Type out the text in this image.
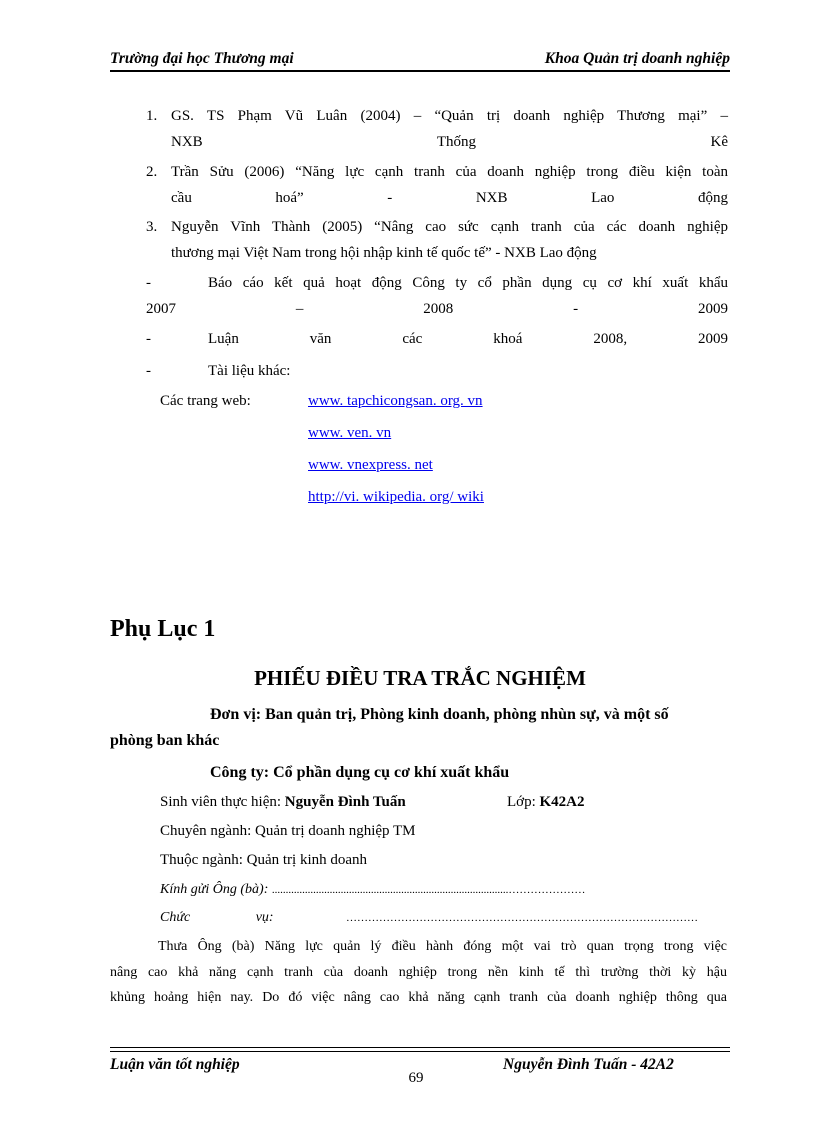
Trường đại học Thương mại	Khoa Quản trị doanh nghiệp
1. GS. TS Phạm Vũ Luân (2004) – “Quản trị doanh nghiệp Thương mại” –
NXB Thống Kê
2. Trần Sửu (2006) “Năng lực cạnh tranh của doanh nghiệp trong điều kiện toàn
cầu hoá” - NXB Lao động
3. Nguyễn Vĩnh Thành (2005) “Nâng cao sức cạnh tranh của các doanh nghiệp
thương mại Việt Nam trong hội nhập kinh tế quốc tế” - NXB Lao động
-	Báo cáo kết quả hoạt động Công ty cổ phần dụng cụ cơ khí xuất khẩu
2007 – 2008 - 2009
-	Luận văn các khoá 2008, 2009
-	Tài liệu khác:
Các trang web:	www. tapchicongsan. org. vn
www. ven. vn
www. vnexpress. net
http://vi. wikipedia. org/ wiki
Phụ Lục 1
PHIẾU ĐIỀU TRA TRẮC NGHIỆM
Đơn vị: Ban quản trị, Phòng kinh doanh, phòng nhùn sự, và một số
phòng ban khác
Công ty: Cổ phần dụng cụ cơ khí xuất khẩu
Sinh viên thực hiện: Nguyễn Đình Tuấn	Lớp: K42A2
Chuyên ngành: Quản trị doanh nghiệp TM
Thuộc ngành: Quản trị kinh doanh
Kính gửi Ông (bà): ......................................................................................…………………
Chức vụ:	……………………………………………………………………………………
Thưa Ông (bà) Năng lực quản lý điều hành đóng một vai trò quan trọng trong việc
nâng cao khả năng cạnh tranh của doanh nghiệp trong nền kinh tế thì trường thời kỳ hậu
khủng hoảng hiện nay. Do đó việc nâng cao khả năng cạnh tranh của doanh nghiệp thông qua
Luận văn tốt nghiệp	Nguyễn Đình Tuấn - 42A2
69
